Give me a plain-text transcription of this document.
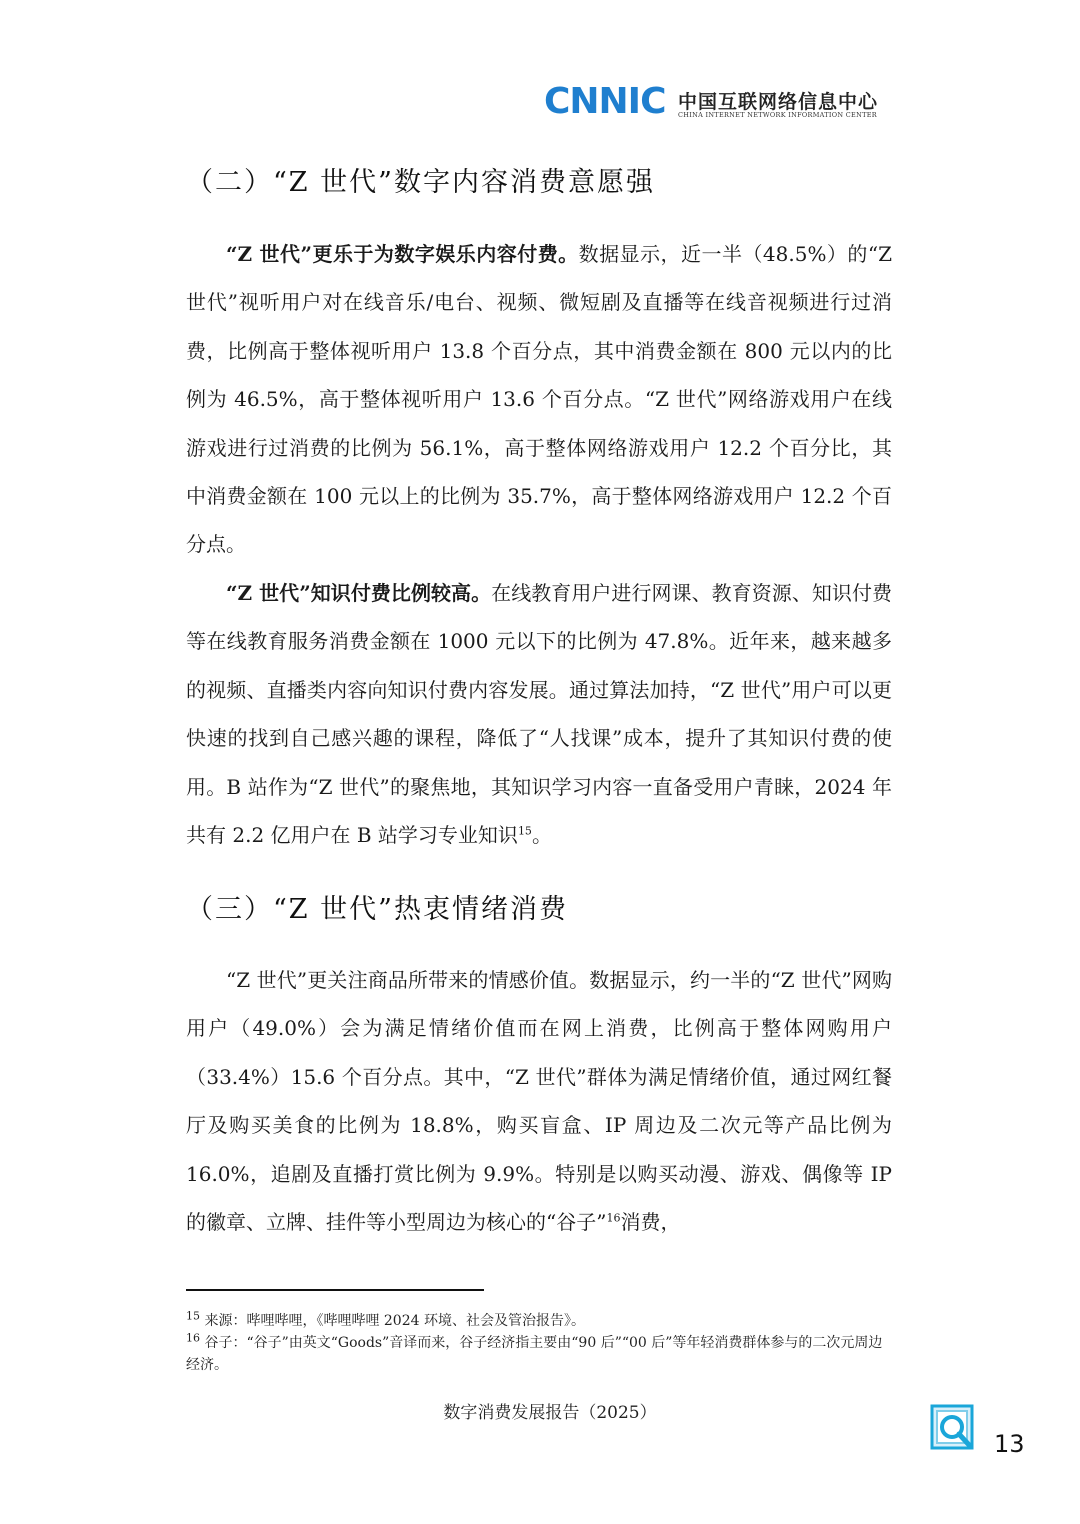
CNNIC 中国互联网络信息中心
CHINA INTERNET NETWORK INFORMATION CENTER
（二）“Z 世代”数字内容消费意愿强

“Z 世代”更乐于为数字娱乐内容付费。数据显示，近一半（48.5%）的“Z 世代”视听用户对在线音乐/电台、视频、微短剧及直播等在线音视频进行过消费，比例高于整体视听用户 13.8 个百分点，其中消费金额在 800 元以内的比例为 46.5%，高于整体视听用户 13.6 个百分点。“Z 世代”网络游戏用户在线游戏进行过消费的比例为 56.1%，高于整体网络游戏用户 12.2 个百分比，其中消费金额在 100 元以上的比例为 35.7%，高于整体网络游戏用户 12.2 个百分点。

“Z 世代”知识付费比例较高。在线教育用户进行网课、教育资源、知识付费等在线教育服务消费金额在 1000 元以下的比例为 47.8%。近年来，越来越多的视频、直播类内容向知识付费内容发展。通过算法加持，“Z 世代”用户可以更快速的找到自己感兴趣的课程，降低了“人找课”成本，提升了其知识付费的使用。B 站作为“Z 世代”的聚焦地，其知识学习内容一直备受用户青睐，2024 年共有 2.2 亿用户在 B 站学习专业知识$^{15}$。

（三）“Z 世代”热衷情绪消费

“Z 世代”更关注商品所带来的情感价值。数据显示，约一半的“Z 世代”网购用户（49.0%）会为满足情绪价值而在网上消费，比例高于整体网购用户（33.4%）15.6 个百分点。其中，“Z 世代”群体为满足情绪价值，通过网红餐厅及购买美食的比例为 18.8%，购买盲盒、IP 周边及二次元等产品比例为 16.0%，追剧及直播打赏比例为 9.9%。特别是以购买动漫、游戏、偶像等 IP 的徽章、立牌、挂件等小型周边为核心的“谷子”$^{16}$消费，

$^{15}$ 来源：哔哩哔哩，《哔哩哔哩 2024 环境、社会及管治报告》。

$^{16}$ 谷子：“谷子”由英文“Goods”音译而来，谷子经济指主要由“90 后”“00 后”等年轻消费群体参与的二次元周边经济。

数字消费发展报告（2025）

13
